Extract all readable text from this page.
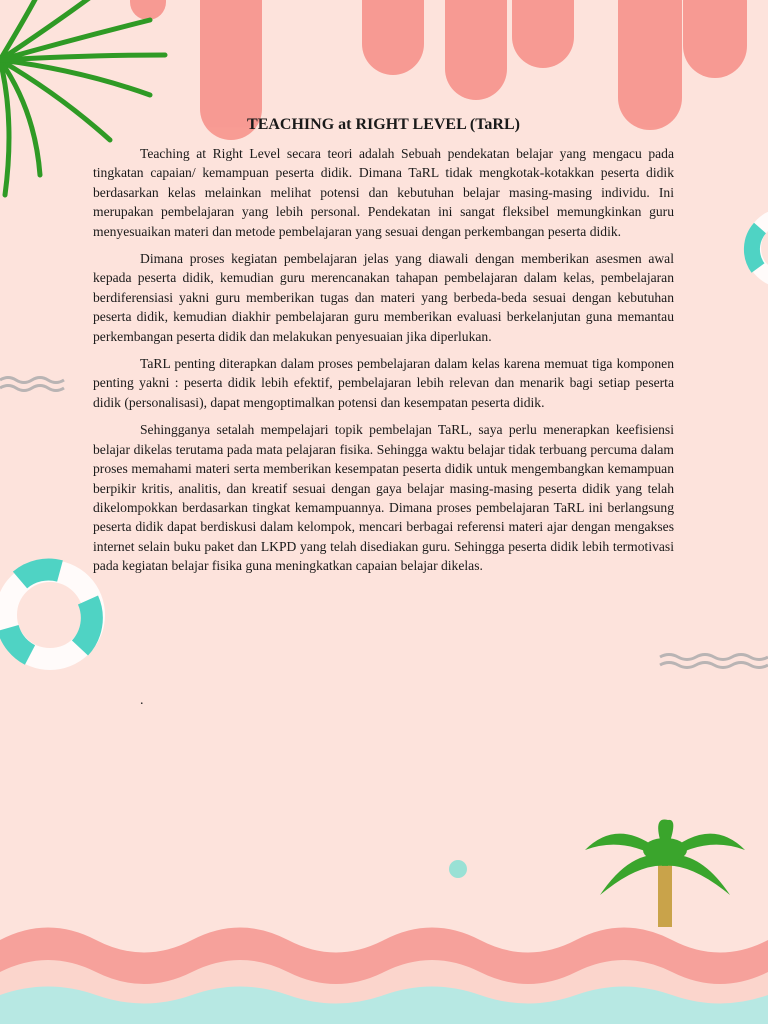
TEACHING at RIGHT LEVEL (TaRL)

Teaching at Right Level secara teori adalah Sebuah pendekatan belajar yang mengacu pada tingkatan capaian/ kemampuan peserta didik. Dimana TaRL tidak mengkotak-kotakkan peserta didik berdasarkan kelas melainkan melihat potensi dan kebutuhan belajar masing-masing individu. Ini merupakan pembelajaran yang lebih personal. Pendekatan ini sangat fleksibel memungkinkan guru menyesuaikan materi dan metode pembelajaran yang sesuai dengan perkembangan peserta didik.

Dimana proses kegiatan pembelajaran jelas yang diawali dengan memberikan asesmen awal kepada peserta didik, kemudian guru merencanakan tahapan pembelajaran dalam kelas, pembelajaran berdiferensiasi yakni guru memberikan tugas dan materi yang berbeda-beda sesuai dengan kebutuhan peserta didik, kemudian diakhir pembelajaran guru memberikan evaluasi berkelanjutan guna memantau perkembangan peserta didik dan melakukan penyesuaian jika diperlukan.

TaRL penting diterapkan dalam proses pembelajaran dalam kelas karena memuat tiga komponen penting yakni : peserta didik lebih efektif, pembelajaran lebih relevan dan menarik bagi setiap peserta didik (personalisasi), dapat mengoptimalkan potensi dan kesempatan peserta didik.

Sehingganya setalah mempelajari topik pembelajan TaRL, saya perlu menerapkan keefisiensi belajar dikelas terutama pada mata pelajaran fisika. Sehingga waktu belajar tidak terbuang percuma dalam proses memahami materi serta memberikan kesempatan peserta didik untuk mengembangkan kemampuan berpikir kritis, analitis, dan kreatif sesuai dengan gaya belajar masing-masing peserta didik yang telah dikelompokkan berdasarkan tingkat kemampuannya. Dimana proses pembelajaran TaRL ini berlangsung peserta didik dapat berdiskusi dalam kelompok, mencari berbagai referensi materi ajar dengan mengakses internet selain buku paket dan LKPD yang telah disediakan guru. Sehingga peserta didik lebih termotivasi pada kegiatan belajar fisika guna meningkatkan capaian belajar dikelas.

.
